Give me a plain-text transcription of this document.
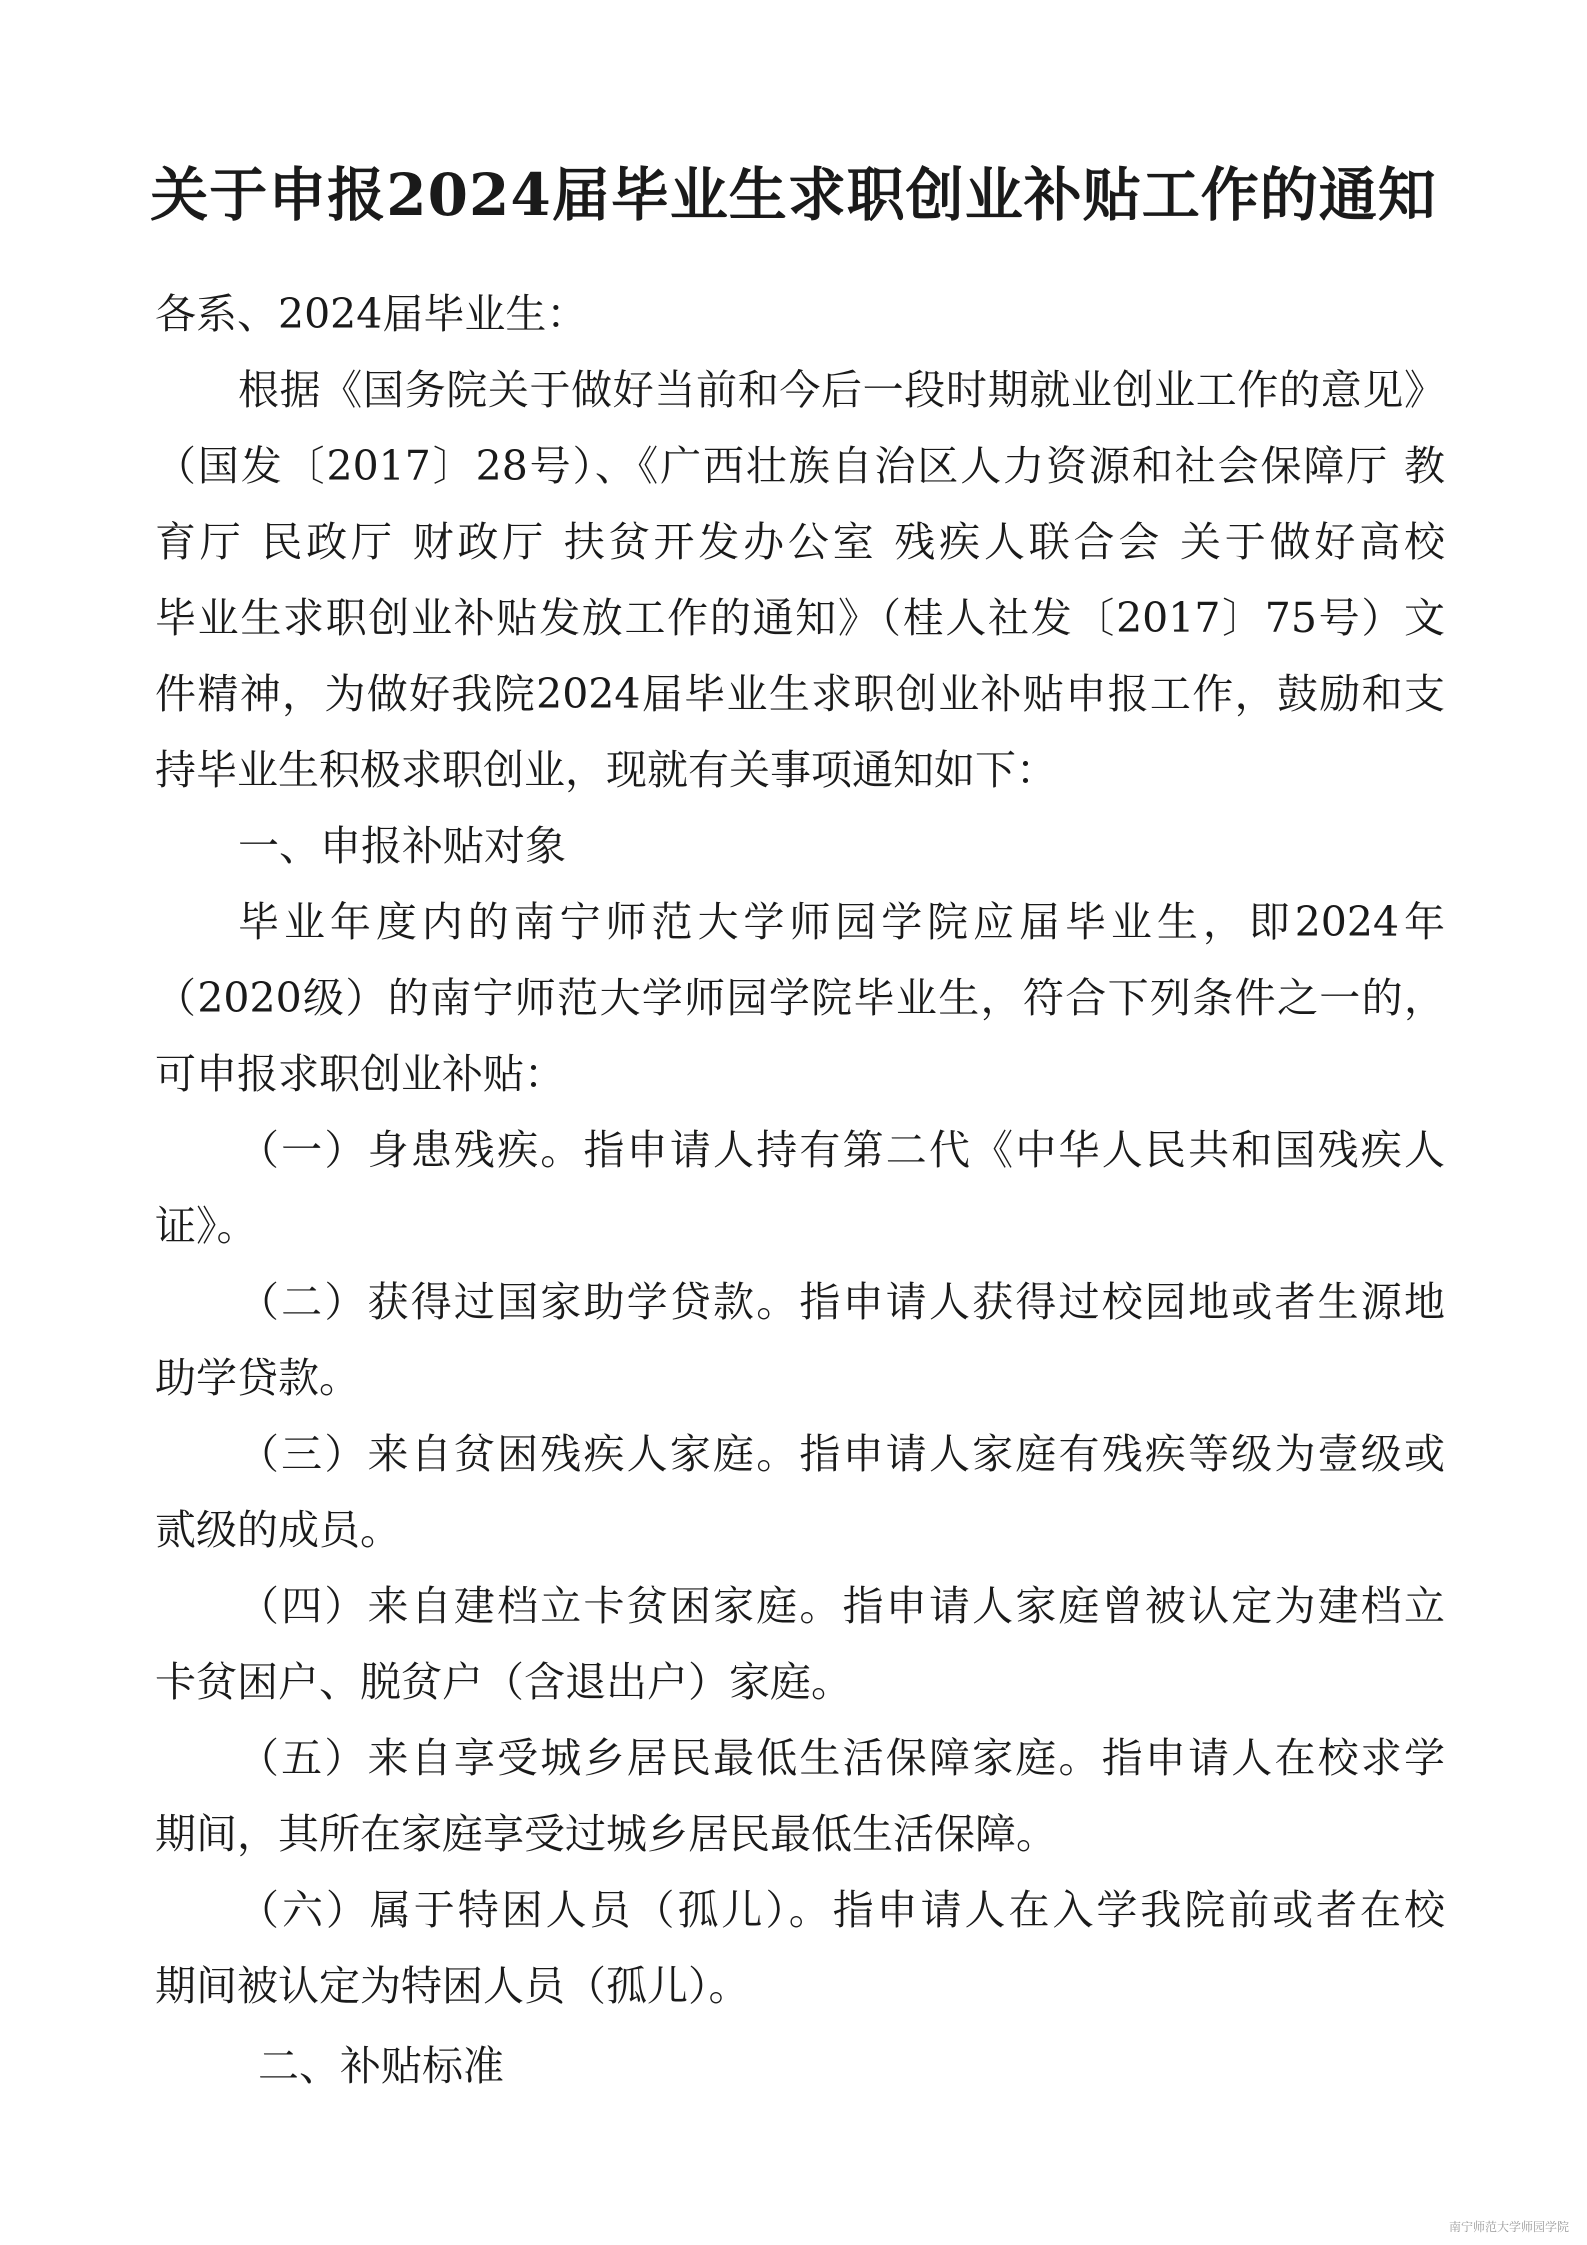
关于申报2024届毕业生求职创业补贴工作的通知

各系、2024届毕业生：

根据《国务院关于做好当前和今后一段时期就业创业工作的意见》

（国发〔2017〕28号）、《广西壮族自治区人力资源和社会保障厅 教

育厅 民政厅 财政厅 扶贫开发办公室 残疾人联合会 关于做好高校

毕业生求职创业补贴发放工作的通知》（桂人社发〔2017〕75号）文

件精神，为做好我院2024届毕业生求职创业补贴申报工作，鼓励和支

持毕业生积极求职创业，现就有关事项通知如下：

一、申报补贴对象

毕业年度内的南宁师范大学师园学院应届毕业生，即2024年

（2020级）的南宁师范大学师园学院毕业生，符合下列条件之一的，

可申报求职创业补贴：

（一）身患残疾。指申请人持有第二代《中华人民共和国残疾人

证》。

（二）获得过国家助学贷款。指申请人获得过校园地或者生源地

助学贷款。

（三）来自贫困残疾人家庭。指申请人家庭有残疾等级为壹级或

贰级的成员。

（四）来自建档立卡贫困家庭。指申请人家庭曾被认定为建档立

卡贫困户、脱贫户（含退出户）家庭。

（五）来自享受城乡居民最低生活保障家庭。指申请人在校求学

期间，其所在家庭享受过城乡居民最低生活保障。

（六）属于特困人员（孤儿）。指申请人在入学我院前或者在校

期间被认定为特困人员（孤儿）。

二、补贴标准

南宁师范大学师园学院
